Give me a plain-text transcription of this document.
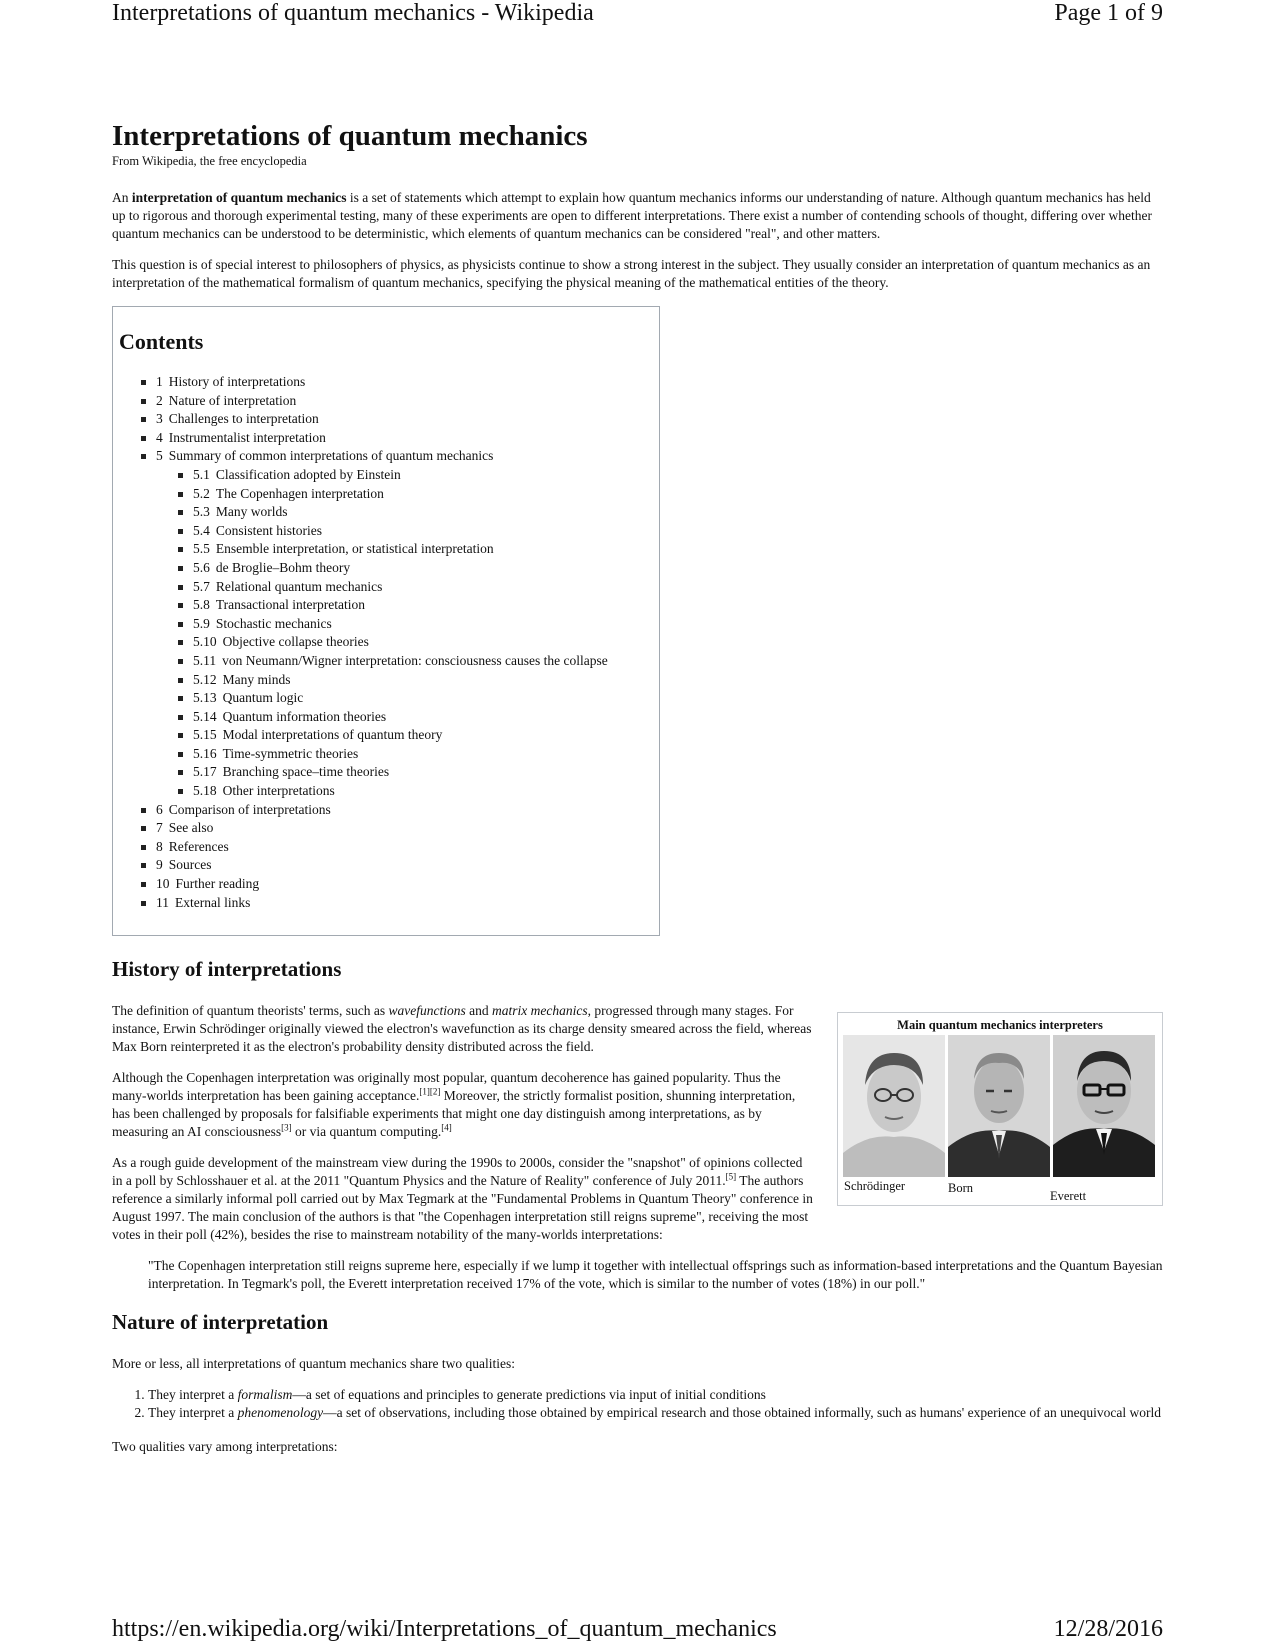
Interpretations of quantum mechanics - Wikipedia	Page 1 of 9
Interpretations of quantum mechanics
From Wikipedia, the free encyclopedia

An interpretation of quantum mechanics is a set of statements which attempt to explain how quantum mechanics informs our understanding of nature. Although quantum mechanics has held up to rigorous and thorough experimental testing, many of these experiments are open to different interpretations. There exist a number of contending schools of thought, differing over whether quantum mechanics can be understood to be deterministic, which elements of quantum mechanics can be considered "real", and other matters.

This question is of special interest to philosophers of physics, as physicists continue to show a strong interest in the subject. They usually consider an interpretation of quantum mechanics as an interpretation of the mathematical formalism of quantum mechanics, specifying the physical meaning of the mathematical entities of the theory.

Contents
1 History of interpretations
2 Nature of interpretation
3 Challenges to interpretation
4 Instrumentalist interpretation
5 Summary of common interpretations of quantum mechanics
5.1 Classification adopted by Einstein
5.2 The Copenhagen interpretation
5.3 Many worlds
5.4 Consistent histories
5.5 Ensemble interpretation, or statistical interpretation
5.6 de Broglie–Bohm theory
5.7 Relational quantum mechanics
5.8 Transactional interpretation
5.9 Stochastic mechanics
5.10 Objective collapse theories
5.11 von Neumann/Wigner interpretation: consciousness causes the collapse
5.12 Many minds
5.13 Quantum logic
5.14 Quantum information theories
5.15 Modal interpretations of quantum theory
5.16 Time-symmetric theories
5.17 Branching space–time theories
5.18 Other interpretations
6 Comparison of interpretations
7 See also
8 References
9 Sources
10 Further reading
11 External links
History of interpretations
Main quantum mechanics interpreters
Schrödinger	Born
Everett

The definition of quantum theorists' terms, such as wavefunctions and matrix mechanics, progressed through many stages. For instance, Erwin Schrödinger originally viewed the electron's wavefunction as its charge density smeared across the field, whereas Max Born reinterpreted it as the electron's probability density distributed across the field.

Although the Copenhagen interpretation was originally most popular, quantum decoherence has gained popularity. Thus the many-worlds interpretation has been gaining acceptance.[1][2] Moreover, the strictly formalist position, shunning interpretation, has been challenged by proposals for falsifiable experiments that might one day distinguish among interpretations, as by measuring an AI consciousness[3] or via quantum computing.[4]

As a rough guide development of the mainstream view during the 1990s to 2000s, consider the "snapshot" of opinions collected in a poll by Schlosshauer et al. at the 2011 "Quantum Physics and the Nature of Reality" conference of July 2011.[5] The authors reference a similarly informal poll carried out by Max Tegmark at the "Fundamental Problems in Quantum Theory" conference in August 1997. The main conclusion of the authors is that "the Copenhagen interpretation still reigns supreme", receiving the most votes in their poll (42%), besides the rise to mainstream notability of the many-worlds interpretations:

"The Copenhagen interpretation still reigns supreme here, especially if we lump it together with intellectual offsprings such as information-based interpretations and the Quantum Bayesian interpretation. In Tegmark's poll, the Everett interpretation received 17% of the vote, which is similar to the number of votes (18%) in our poll."
Nature of interpretation

More or less, all interpretations of quantum mechanics share two qualities:

1. They interpret a formalism—a set of equations and principles to generate predictions via input of initial conditions
2. They interpret a phenomenology—a set of observations, including those obtained by empirical research and those obtained informally, such as humans' experience of an unequivocal world

Two qualities vary among interpretations:

https://en.wikipedia.org/wiki/Interpretations_of_quantum_mechanics	12/28/2016
